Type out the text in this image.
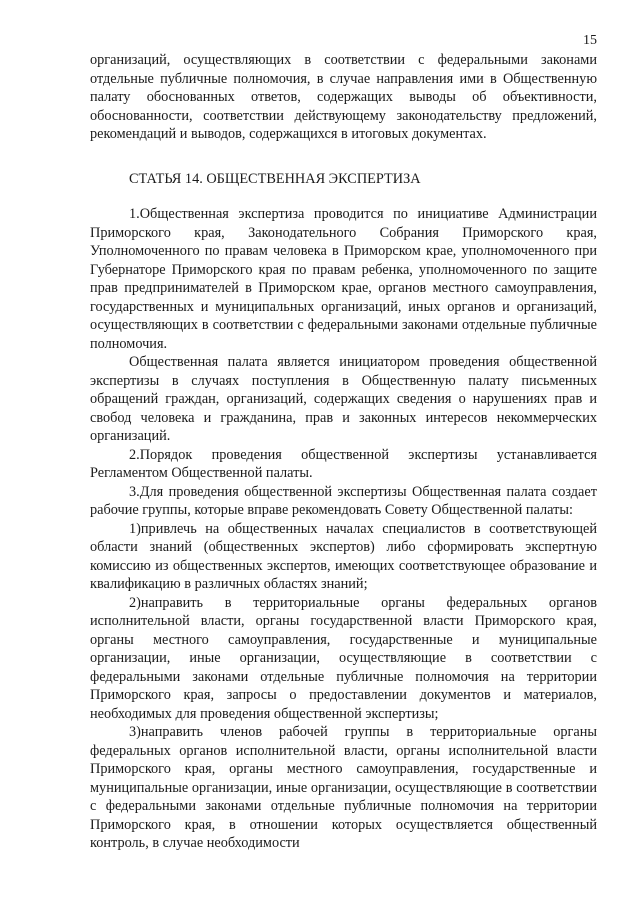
15

организаций, осуществляющих в соответствии с федеральными законами отдельные публичные полномочия, в случае направления ими в Общественную палату обоснованных ответов, содержащих выводы об объективности, обоснованности, соответствии действующему законодательству предложений, рекомендаций и выводов, содержащихся в итоговых документах.

СТАТЬЯ 14. ОБЩЕСТВЕННАЯ ЭКСПЕРТИЗА

1.Общественная экспертиза проводится по инициативе Администрации Приморского края, Законодательного Собрания Приморского края, Уполномоченного по правам человека в Приморском крае, уполномоченного при Губернаторе Приморского края по правам ребенка, уполномоченного по защите прав предпринимателей в Приморском крае, органов местного самоуправления, государственных и муниципальных организаций, иных органов и организаций, осуществляющих в соответствии с федеральными законами отдельные публичные полномочия.

Общественная палата является инициатором проведения общественной экспертизы в случаях поступления в Общественную палату письменных обращений граждан, организаций, содержащих сведения о нарушениях прав и свобод человека и гражданина, прав и законных интересов некоммерческих организаций.

2.Порядок проведения общественной экспертизы устанавливается Регламентом Общественной палаты.

3.Для проведения общественной экспертизы Общественная палата создает рабочие группы, которые вправе рекомендовать Совету Общественной палаты:

1)привлечь на общественных началах специалистов в соответствующей области знаний (общественных экспертов) либо сформировать экспертную комиссию из общественных экспертов, имеющих соответствующее образование и квалификацию в различных областях знаний;

2)направить в территориальные органы федеральных органов исполнительной власти, органы государственной власти Приморского края, органы местного самоуправления, государственные и муниципальные организации, иные организации, осуществляющие в соответствии с федеральными законами отдельные публичные полномочия на территории Приморского края, запросы о предоставлении документов и материалов, необходимых для проведения общественной экспертизы;

3)направить членов рабочей группы в территориальные органы федеральных органов исполнительной власти, органы исполнительной власти Приморского края, органы местного самоуправления, государственные и муниципальные организации, иные организации, осуществляющие в соответствии с федеральными законами отдельные публичные полномочия на территории Приморского края, в отношении которых осуществляется общественный контроль, в случае необходимости
